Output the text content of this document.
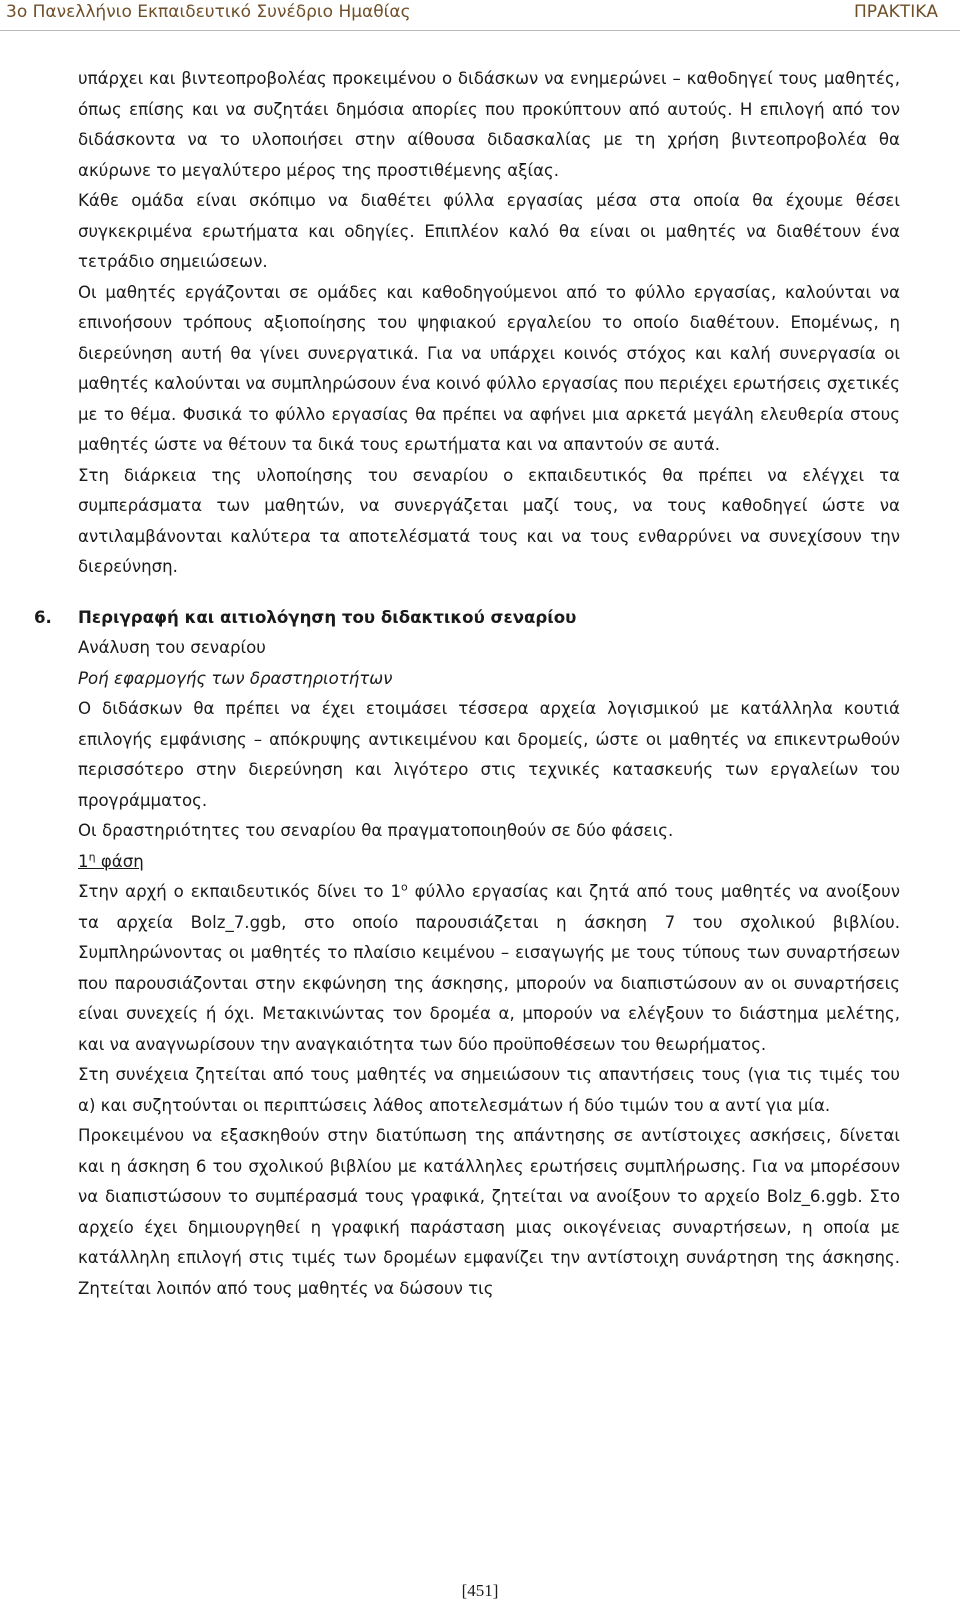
3ο Πανελλήνιο Εκπαιδευτικό Συνέδριο Ημαθίας	ΠΡΑΚΤΙΚΑ

υπάρχει και βιντεοπροβολέας προκειμένου ο διδάσκων να ενημερώνει – καθοδηγεί τους μαθητές, όπως επίσης και να συζητάει δημόσια απορίες που προκύπτουν από αυτούς. Η επιλογή από τον διδάσκοντα να το υλοποιήσει στην αίθουσα διδασκαλίας με τη χρήση βιντεοπροβολέα θα ακύρωνε το μεγαλύτερο μέρος της προστιθέμενης αξίας.

Κάθε ομάδα είναι σκόπιμο να διαθέτει φύλλα εργασίας μέσα στα οποία θα έχουμε θέσει συγκεκριμένα ερωτήματα και οδηγίες. Επιπλέον καλό θα είναι οι μαθητές να διαθέτουν ένα τετράδιο σημειώσεων.

Οι μαθητές εργάζονται σε ομάδες και καθοδηγούμενοι από το φύλλο εργασίας, καλούνται να επινοήσουν τρόπους αξιοποίησης του ψηφιακού εργαλείου το οποίο διαθέτουν. Επομένως, η διερεύνηση αυτή θα γίνει συνεργατικά. Για να υπάρχει κοινός στόχος και καλή συνεργασία οι μαθητές καλούνται να συμπληρώσουν ένα κοινό φύλλο εργασίας που περιέχει ερωτήσεις σχετικές με το θέμα. Φυσικά το φύλλο εργασίας θα πρέπει να αφήνει μια αρκετά μεγάλη ελευθερία στους μαθητές ώστε να θέτουν τα δικά τους ερωτήματα και να απαντούν σε αυτά.

Στη διάρκεια της υλοποίησης του σεναρίου ο εκπαιδευτικός θα πρέπει να ελέγχει τα συμπεράσματα των μαθητών, να συνεργάζεται μαζί τους, να τους καθοδηγεί ώστε να αντιλαμβάνονται καλύτερα τα αποτελέσματά τους και να τους ενθαρρύνει να συνεχίσουν την διερεύνηση.

6. Περιγραφή και αιτιολόγηση του διδακτικού σεναρίου
Ανάλυση του σεναρίου
Ροή εφαρμογής των δραστηριοτήτων

Ο διδάσκων θα πρέπει να έχει ετοιμάσει τέσσερα αρχεία λογισμικού με κατάλληλα κουτιά επιλογής εμφάνισης – απόκρυψης αντικειμένου και δρομείς, ώστε οι μαθητές να επικεντρωθούν περισσότερο στην διερεύνηση και λιγότερο στις τεχνικές κατασκευής των εργαλείων του προγράμματος.

Οι δραστηριότητες του σεναρίου θα πραγματοποιηθούν σε δύο φάσεις.

$1^\eta$ φάση

Στην αρχή ο εκπαιδευτικός δίνει το $1^o$ φύλλο εργασίας και ζητά από τους μαθητές να ανοίξουν τα αρχεία Bolz_7.ggb, στο οποίο παρουσιάζεται η άσκηση 7 του σχολικού βιβλίου. Συμπληρώνοντας οι μαθητές το πλαίσιο κειμένου – εισαγωγής με τους τύπους των συναρτήσεων που παρουσιάζονται στην εκφώνηση της άσκησης, μπορούν να διαπιστώσουν αν οι συναρτήσεις είναι συνεχείς ή όχι. Μετακινώντας τον δρομέα α, μπορούν να ελέγξουν το διάστημα μελέτης, και να αναγνωρίσουν την αναγκαιότητα των δύο προϋποθέσεων του θεωρήματος.

Στη συνέχεια ζητείται από τους μαθητές να σημειώσουν τις απαντήσεις τους (για τις τιμές του α) και συζητούνται οι περιπτώσεις λάθος αποτελεσμάτων ή δύο τιμών του α αντί για μία.

Προκειμένου να εξασκηθούν στην διατύπωση της απάντησης σε αντίστοιχες ασκήσεις, δίνεται και η άσκηση 6 του σχολικού βιβλίου με κατάλληλες ερωτήσεις συμπλήρωσης. Για να μπορέσουν να διαπιστώσουν το συμπέρασμά τους γραφικά, ζητείται να ανοίξουν το αρχείο Bolz_6.ggb. Στο αρχείο έχει δημιουργηθεί η γραφική παράσταση μιας οικογένειας συναρτήσεων, η οποία με κατάλληλη επιλογή στις τιμές των δρομέων εμφανίζει την αντίστοιχη συνάρτηση της άσκησης. Ζητείται λοιπόν από τους μαθητές να δώσουν τις

[451]
